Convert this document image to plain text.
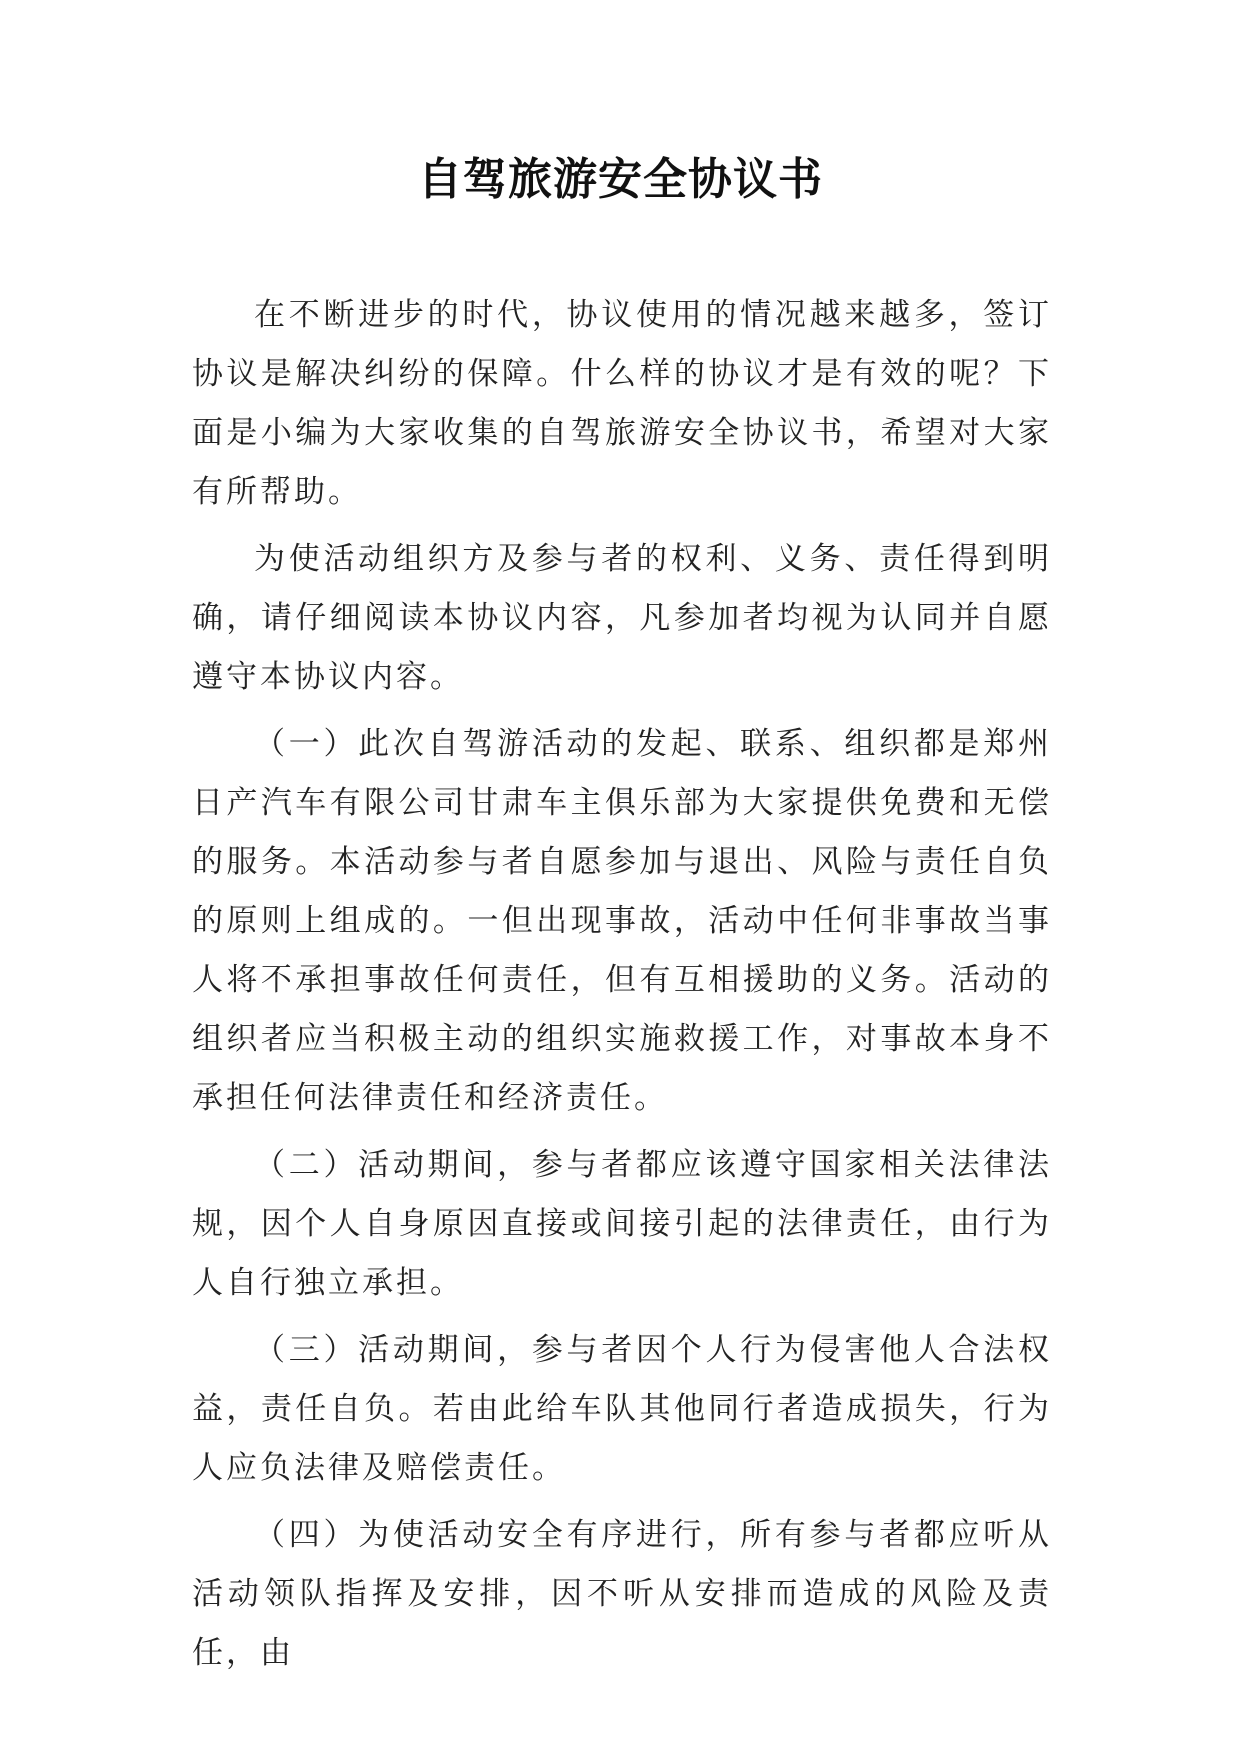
自驾旅游安全协议书

在不断进步的时代，协议使用的情况越来越多，签订协议是解决纠纷的保障。什么样的协议才是有效的呢？下面是小编为大家收集的自驾旅游安全协议书，希望对大家有所帮助。

为使活动组织方及参与者的权利、义务、责任得到明确，请仔细阅读本协议内容，凡参加者均视为认同并自愿遵守本协议内容。

（一）此次自驾游活动的发起、联系、组织都是郑州日产汽车有限公司甘肃车主俱乐部为大家提供免费和无偿的服务。本活动参与者自愿参加与退出、风险与责任自负的原则上组成的。一但出现事故，活动中任何非事故当事人将不承担事故任何责任，但有互相援助的义务。活动的组织者应当积极主动的组织实施救援工作，对事故本身不承担任何法律责任和经济责任。

（二）活动期间，参与者都应该遵守国家相关法律法规，因个人自身原因直接或间接引起的法律责任，由行为人自行独立承担。

（三）活动期间，参与者因个人行为侵害他人合法权益，责任自负。若由此给车队其他同行者造成损失，行为人应负法律及赔偿责任。

（四）为使活动安全有序进行，所有参与者都应听从活动领队指挥及安排，因不听从安排而造成的风险及责任，由
